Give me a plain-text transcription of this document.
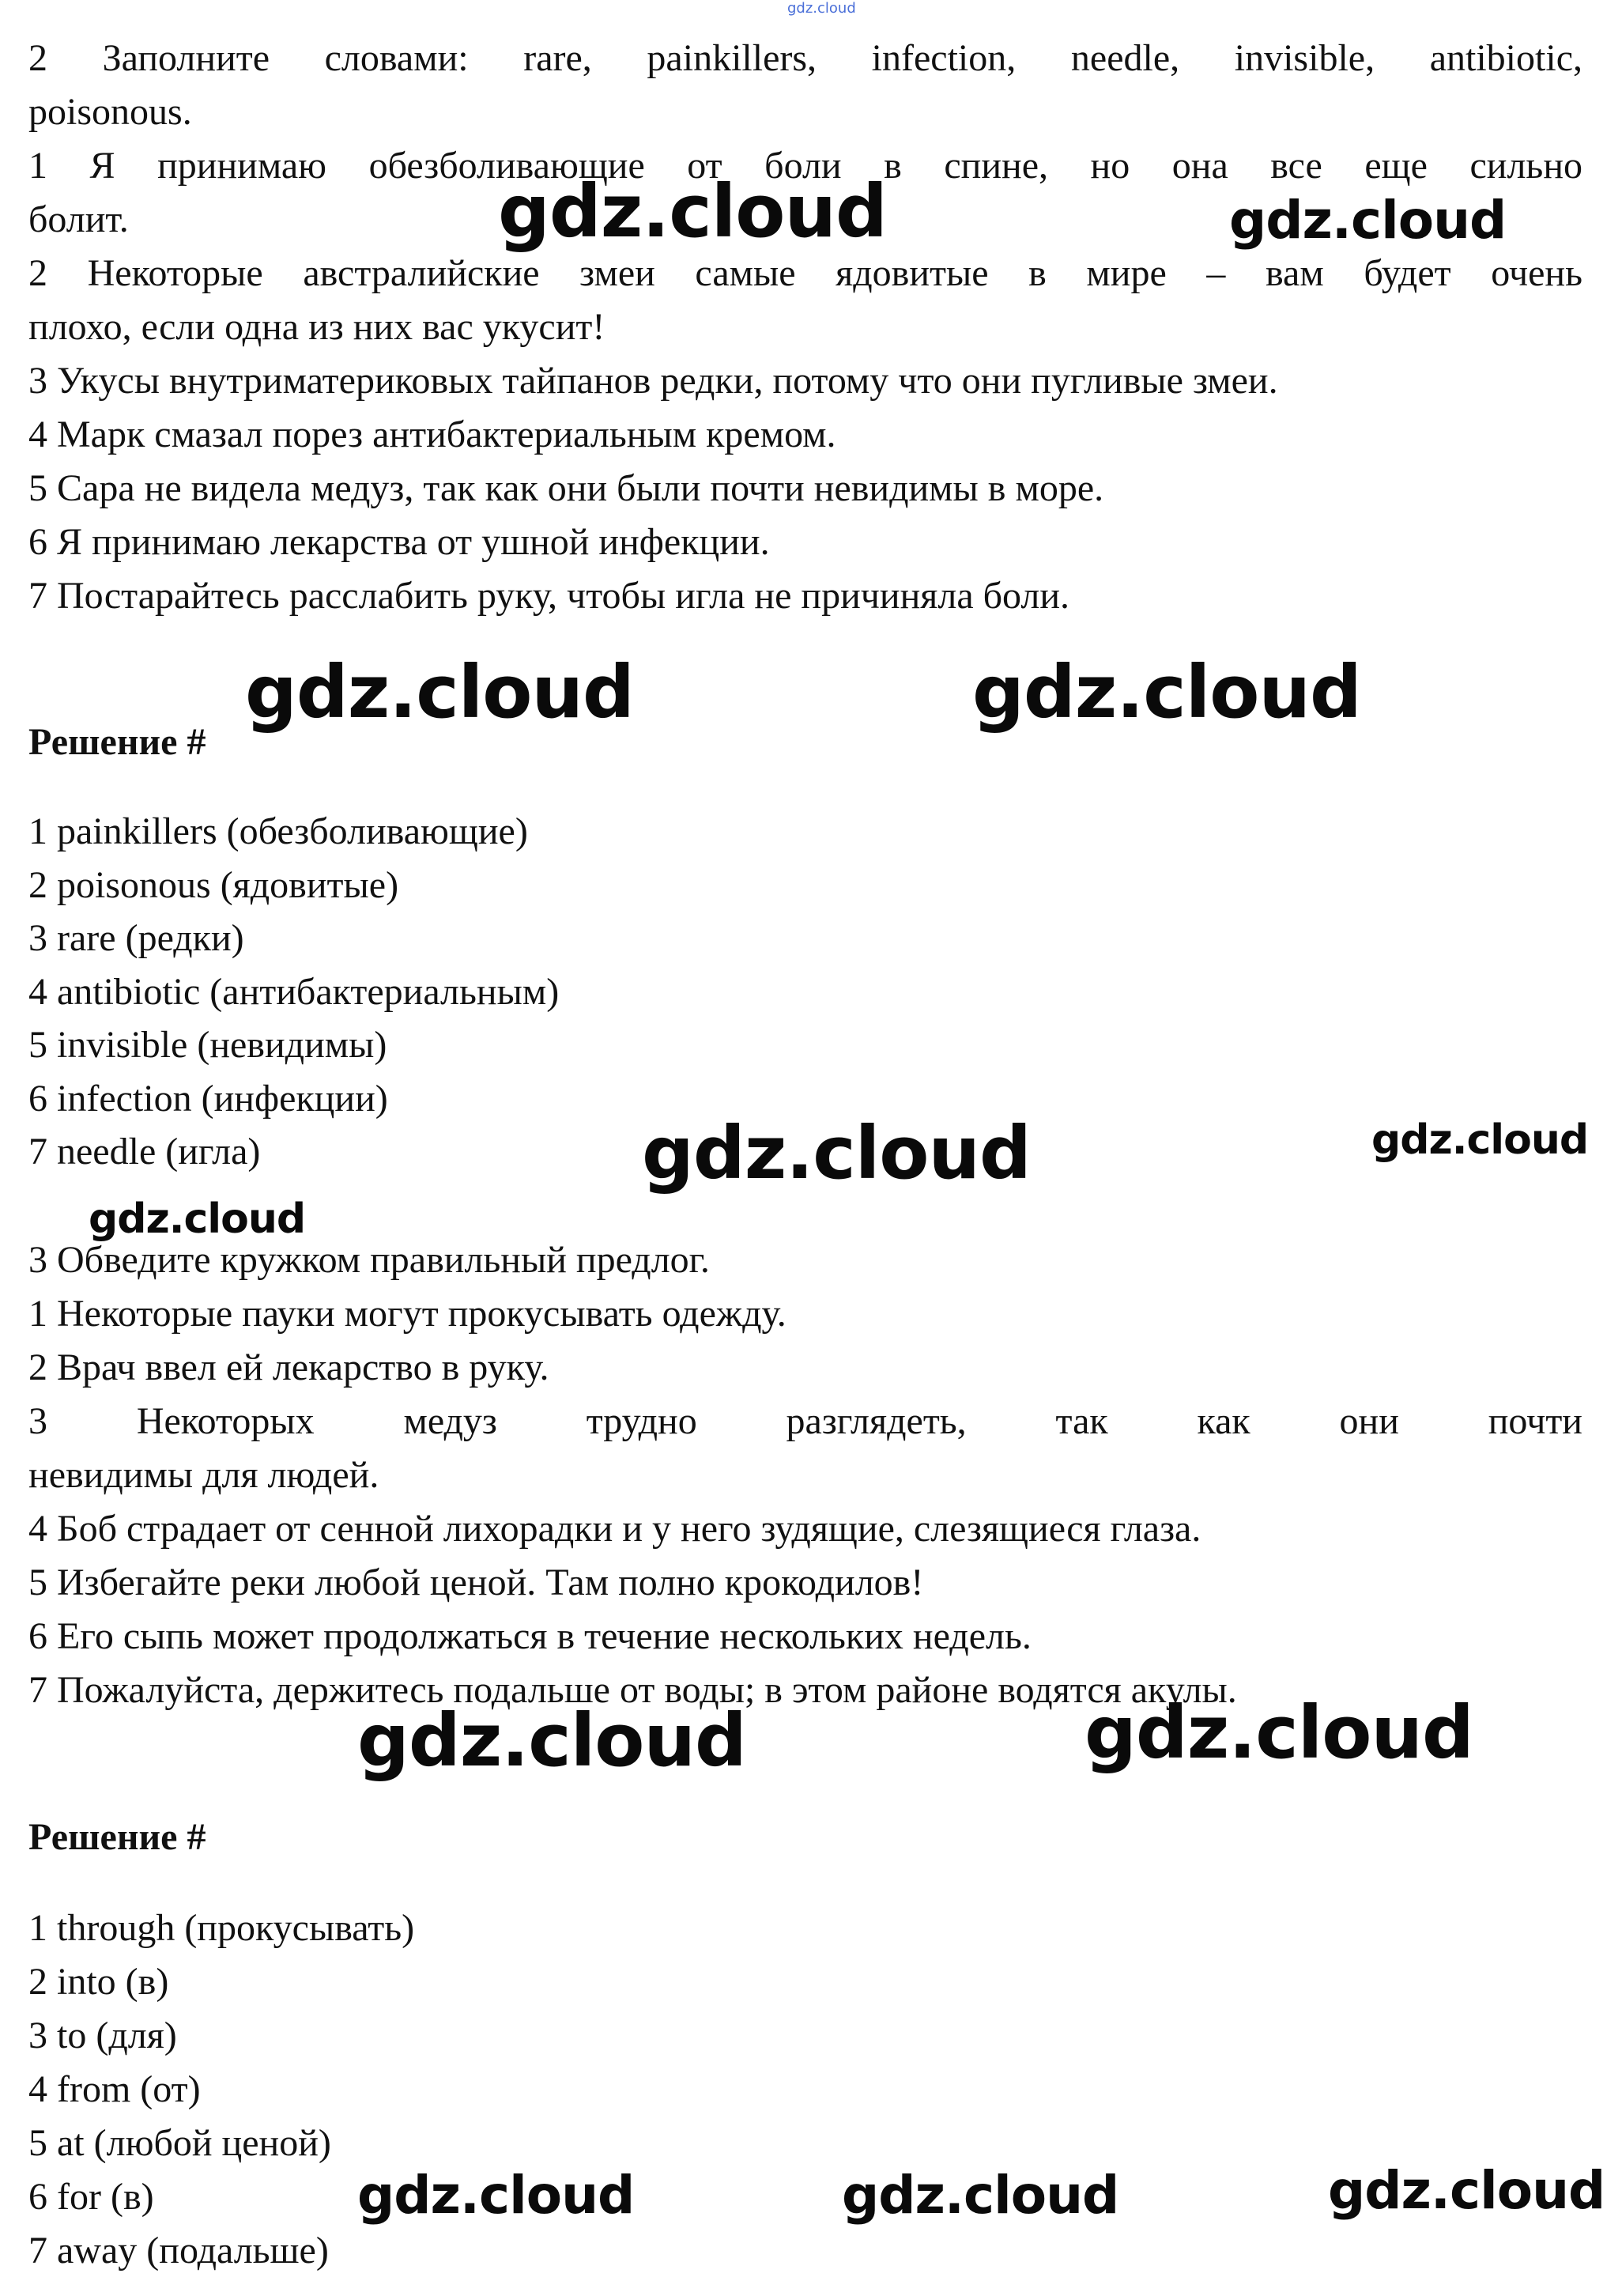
gdz.cloud
2 Заполните словами: rare, painkillers, infection, needle, invisible, antibiotic,
poisonous.
1 Я принимаю обезболивающие от боли в спине, но она все еще сильно
болит.
2 Некоторые австралийские змеи самые ядовитые в мире – вам будет очень
плохо, если одна из них вас укусит!
3 Укусы внутриматериковых тайпанов редки, потому что они пугливые змеи.
4 Марк смазал порез антибактериальным кремом.
5 Сара не видела медуз, так как они были почти невидимы в море.
6 Я принимаю лекарства от ушной инфекции.
7 Постарайтесь расслабить руку, чтобы игла не причиняла боли.
Решение #
1 painkillers (обезболивающие)
2 poisonous (ядовитые)
3 rare (редки)
4 antibiotic (антибактериальным)
5 invisible (невидимы)
6 infection (инфекции)
7 needle (игла)
3 Обведите кружком правильный предлог.
1 Некоторые пауки могут прокусывать одежду.
2 Врач ввел ей лекарство в руку.
3 Некоторых медуз трудно разглядеть, так как они почти
невидимы для людей.
4 Боб страдает от сенной лихорадки и у него зудящие, слезящиеся глаза.
5 Избегайте реки любой ценой. Там полно крокодилов!
6 Его сыпь может продолжаться в течение нескольких недель.
7 Пожалуйста, держитесь подальше от воды; в этом районе водятся акулы.
Решение #
1 through (прокусывать)
2 into (в)
3 to (для)
4 from (от)
5 at (любой ценой)
6 for (в)
7 away (подальше)
gdz.cloud	gdz.cloud
gdz.cloud	gdz.cloud
gdz.cloud	gdz.cloud
gdz.cloud
gdz.cloud	gdz.cloud
gdz.cloud	gdz.cloud	gdz.cloud
